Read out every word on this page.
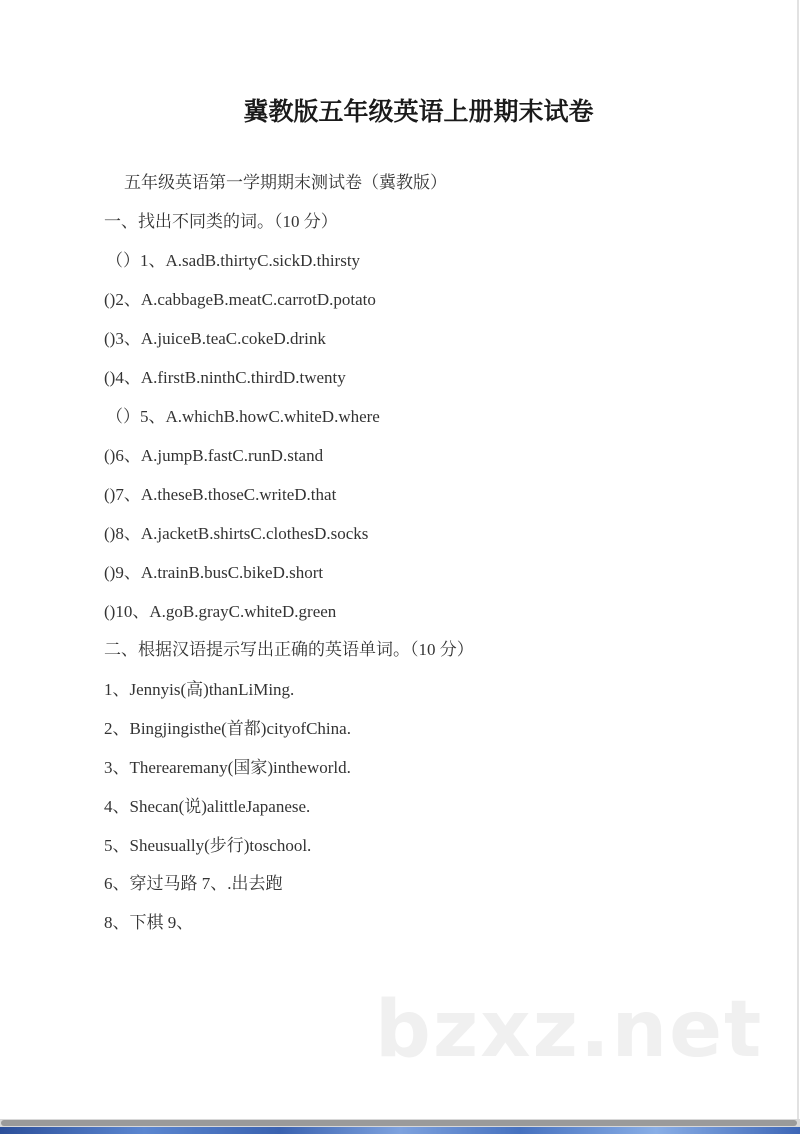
冀教版五年级英语上册期末试卷
五年级英语第一学期期末测试卷（冀教版）
一、找出不同类的词。（10 分）
（）1、A.sadB.thirtyC.sickD.thirsty
()2、A.cabbageB.meatC.carrotD.potato
()3、A.juiceB.teaC.cokeD.drink
()4、A.firstB.ninthC.thirdD.twenty
（）5、A.whichB.howC.whiteD.where
()6、A.jumpB.fastC.runD.stand
()7、A.theseB.thoseC.writeD.that
()8、A.jacketB.shirtsC.clothesD.socks
()9、A.trainB.busC.bikeD.short
()10、A.goB.grayC.whiteD.green
二、根据汉语提示写出正确的英语单词。（10 分）
1、Jennyis(高)thanLiMing.
2、Bingjingisthe(首都)cityofChina.
3、Therearemany(国家)intheworld.
4、Shecan(说)alittleJapanese.
5、Sheusually(步行)toschool.
6、穿过马路 7、.出去跑
8、下棋 9、
bzxz.net
